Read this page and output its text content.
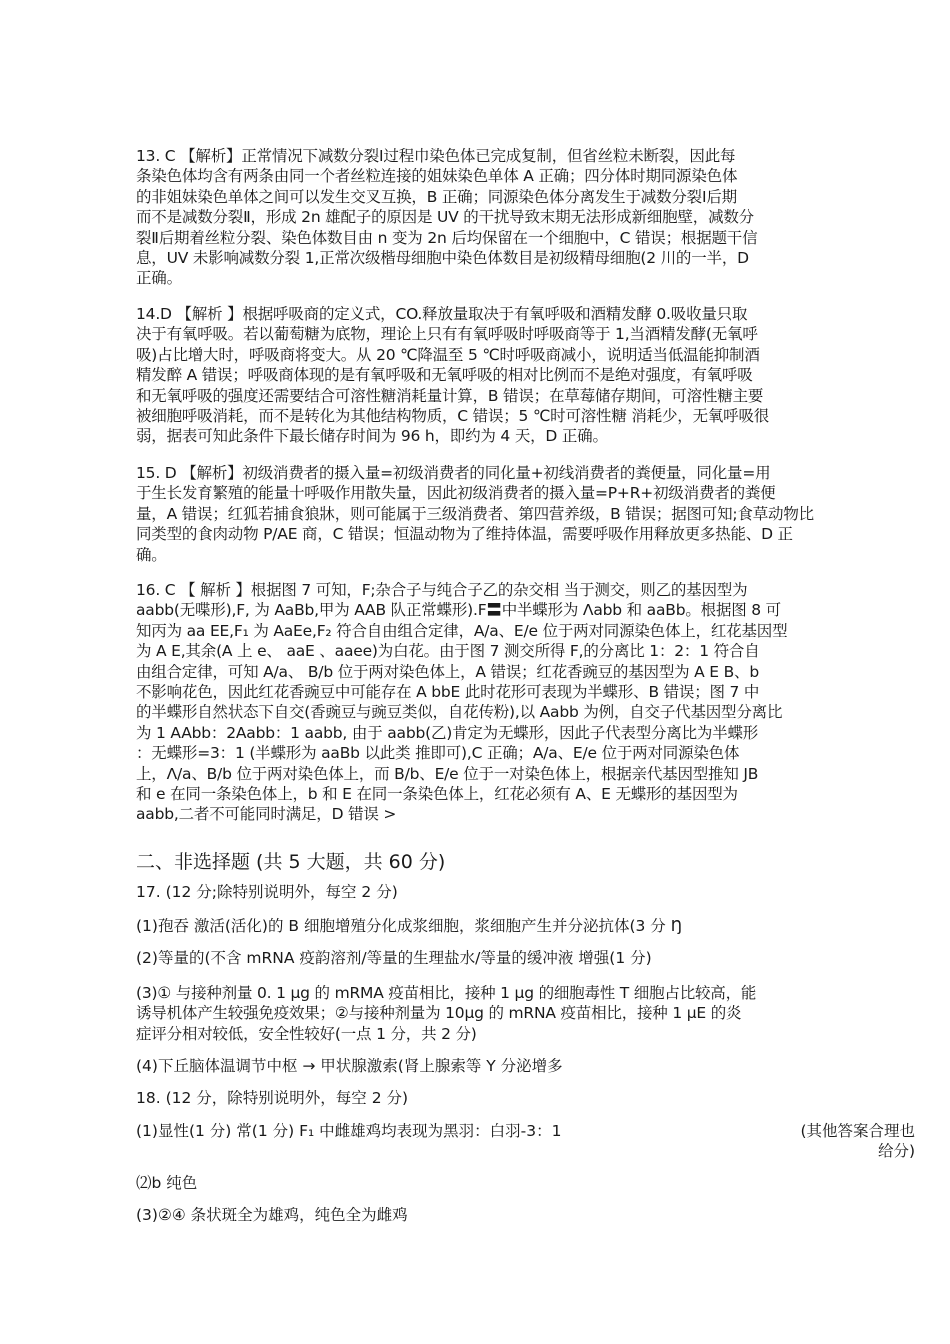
13. C 【解析】正常情况下减数分裂Ⅰ过程巾染色体已完成复制，但省丝粒未断裂，因此每
条染色体均含有两条由同一个者丝粒连接的姐妹染色单体 A 正确；四分体时期同源染色体
的非姐妹染色单体之间可以发生交叉互换，B 正确；同源染色体分离发生于减数分裂Ⅰ后期
而不是减数分裂Ⅱ，形成 2n 雄配子的原因是 UV 的干扰导致末期无法形成新细胞壁，减数分
裂Ⅱ后期着丝粒分裂、染色体数目由 n 变为 2n 后均保留在一个细胞中，C 错误；根据题干信
息，UV 未影响减数分裂 1,正常次级楷母细胞中染色体数目是初级精母细胞(2 川的一半，D
正确。
14.D 【解析 】根据呼吸商的定义式，CO.释放量取决于有氧呼吸和酒精发酵 0.吸收量只取
决于有氧呼吸。若以葡萄糖为底物，理论上只有有氧呼吸时呼吸商等于 1,当酒精发酵(无氧呼
吸)占比增大时，呼吸商将变大。从 20 ℃降温至 5 ℃时呼吸商减小，说明适当低温能抑制酒
精发醉 A 错误；呼吸商体现的是有氧呼吸和无氧呼吸的相对比例而不是绝对强度，有氧呼吸
和无氧呼吸的强度还需要结合可溶性糖消耗量计算，B 错误；在草莓储存期间，可溶性糖主要
被细胞呼吸消耗，而不是转化为其他结构物质，C 错误；5 ℃时可溶性糖 消耗少，无氧呼吸很
弱，据表可知此条件下最长储存时间为 96 h，即约为 4 天，D 正确。
15. D 【解析】初级消费者的摄入量=初级消费者的同化量+初线消费者的粪便量，同化量=用
于生长发育繁殖的能量十呼吸作用散失量，因此初级消费者的摄入量=P+R+初级消费者的粪便
量，A 错误；红狐若捕食狼牀，则可能属于三级消费者、第四营养级，B 错误；据图可知;食草动物比
同类型的食肉动物 P/AE 商，C 错误；恒温动物为了维持体温，需要呼吸作用释放更多热能、D 正
确。
16. C 【 解析 】根据图 7 可知，F;杂合子与纯合子乙的杂交相 当于测交，则乙的基因型为
aabb(无喋形),F, 为 AaBb,甲为 AAB 队正常蝶形).F〓中半蝶形为 Λabb 和 aaBb。根据图 8 可
知丙为 aa EE,F₁ 为 AaEe,F₂ 符合自由组合定律，A/a、E/e 位于两对同源染色体上，红花基因型
为 A E,其余(A 上 e、 aaE 、aaee)为白花。由于图 7 测交所得 F,的分离比 1：2：1 符合自
由组合定律，可知 A/a、 B/b 位于两对染色体上，A 错误；红花香豌豆的基因型为 A E B、b
不影响花色，因此红花香豌豆中可能存在 A bbE 此时花形可表现为半蝶形、B 错误；图 7 中
的半蝶形自然状态下自交(香豌豆与豌豆类似，自花传粉),以 Aabb 为例，自交子代基因型分离比
为 1 AAbb：2Aabb：1 aabb, 由于 aabb(乙)肯定为无蝶形，因此子代表型分离比为半蝶形
：无蝶形=3：1 (半蝶形为 aaBb 以此类 推即可),C 正确；A/a、E/e 位于两对同源染色体
上，Λ/a、B/b 位于两对染色体上，而 B/b、E/e 位于一对染色体上，根据亲代基因型推知 JB
和 e 在同一条染色体上，b 和 E 在同一条染色体上，红花必须有 A、E 无蝶形的基因型为
aabb,二者不可能同时满足，D 错误 >
二、非选择题 (共 5 大题，共 60 分)
17. (12 分;除特别说明外，每空 2 分)
(1)孢吞 激活(活化)的 B 细胞增殖分化成浆细胞，浆细胞产生并分泌抗体(3 分 Ŋ
(2)等量的(不含 mRNA 疫韵溶剂/等量的生理盐水/等量的缓冲液 增强(1 分)
(3)① 与接种剂量 0. 1 μg 的 mRMA 疫苗相比，接种 1 μg 的细胞毒性 T 细胞占比较高，能
诱导机体产生较强免疫效果；②与接种剂量为 10μg 的 mRNA 疫苗相比，接种 1 μE 的炎
症评分相对较低，安全性较好(一点 1 分，共 2 分)
(4)下丘脑体温调节中枢 → 甲状腺激索(肾上腺索等 Y 分泌增多
18. (12 分，除特别说明外，每空 2 分)
(1)显性(1 分) 常(1 分) F₁ 中雌雄鸡均表现为黑羽：白羽-3：1	(其他答案合理也给分)
⑵b 纯色
(3)②④ 条状斑全为雄鸡，纯色全为雌鸡
